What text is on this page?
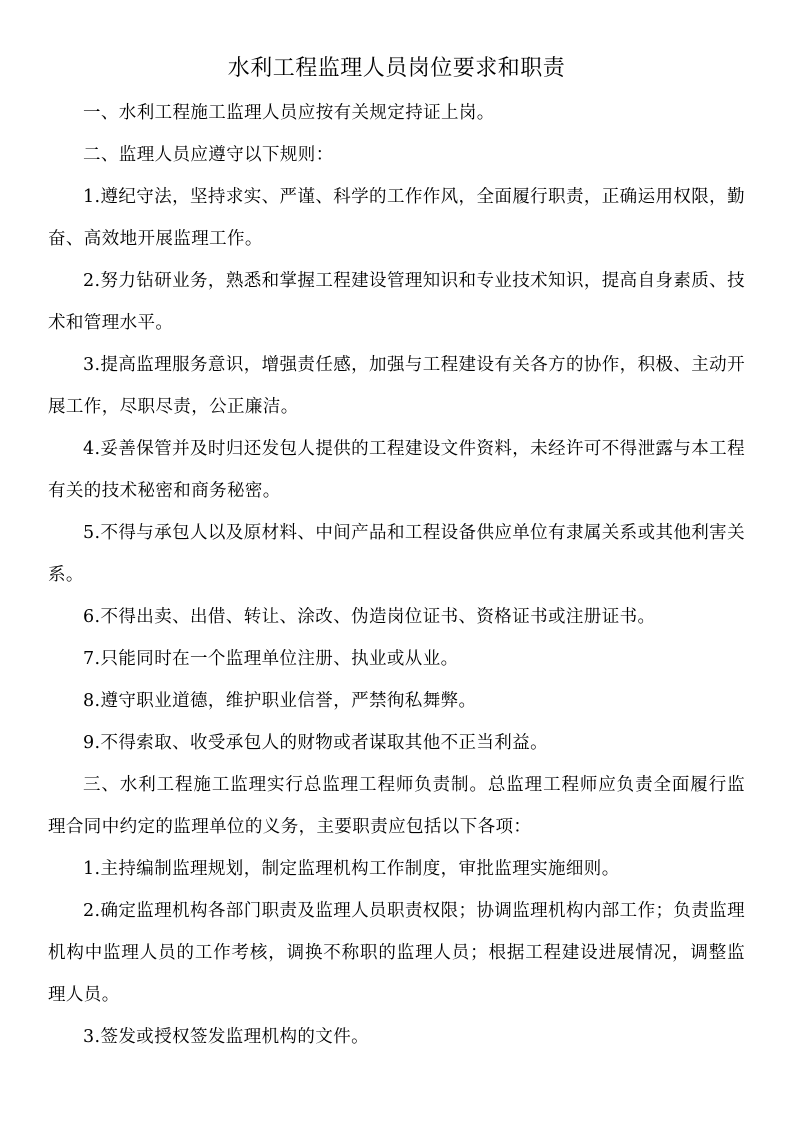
水利工程监理人员岗位要求和职责

一、水利工程施工监理人员应按有关规定持证上岗。

二、监理人员应遵守以下规则：

1.遵纪守法，坚持求实、严谨、科学的工作作风，全面履行职责，正确运用权限，勤奋、高效地开展监理工作。

2.努力钻研业务，熟悉和掌握工程建设管理知识和专业技术知识，提高自身素质、技术和管理水平。

3.提高监理服务意识，增强责任感，加强与工程建设有关各方的协作，积极、主动开展工作，尽职尽责，公正廉洁。

4.妥善保管并及时归还发包人提供的工程建设文件资料，未经许可不得泄露与本工程有关的技术秘密和商务秘密。

5.不得与承包人以及原材料、中间产品和工程设备供应单位有隶属关系或其他利害关系。

6.不得出卖、出借、转让、涂改、伪造岗位证书、资格证书或注册证书。

7.只能同时在一个监理单位注册、执业或从业。

8.遵守职业道德，维护职业信誉，严禁徇私舞弊。

9.不得索取、收受承包人的财物或者谋取其他不正当利益。

三、水利工程施工监理实行总监理工程师负责制。总监理工程师应负责全面履行监理合同中约定的监理单位的义务，主要职责应包括以下各项：

1.主持编制监理规划，制定监理机构工作制度，审批监理实施细则。

2.确定监理机构各部门职责及监理人员职责权限；协调监理机构内部工作；负责监理机构中监理人员的工作考核，调换不称职的监理人员；根据工程建设进展情况，调整监理人员。

3.签发或授权签发监理机构的文件。
